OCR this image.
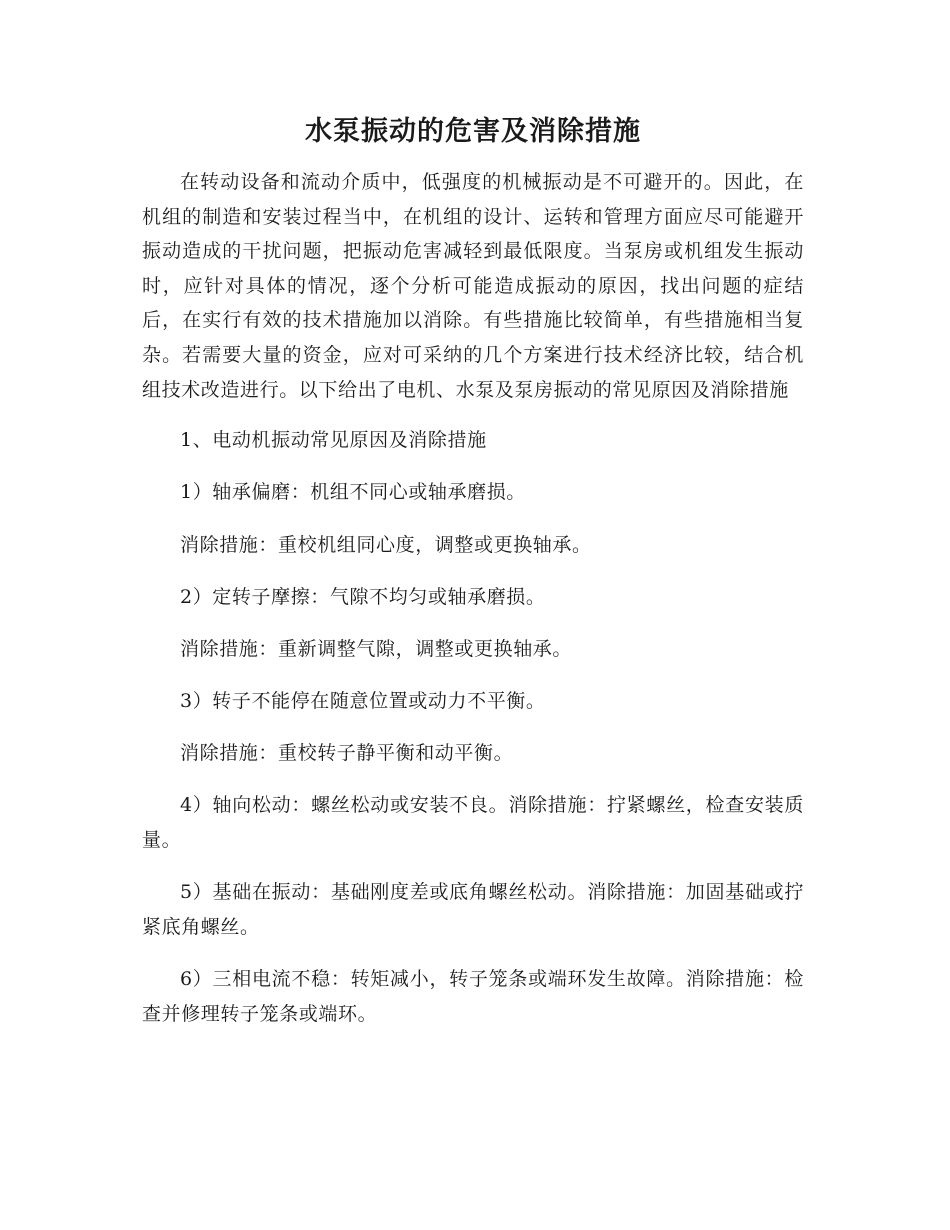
水泵振动的危害及消除措施

在转动设备和流动介质中，低强度的机械振动是不可避开的。因此，在机组的制造和安装过程当中，在机组的设计、运转和管理方面应尽可能避开振动造成的干扰问题，把振动危害减轻到最低限度。当泵房或机组发生振动时，应针对具体的情况，逐个分析可能造成振动的原因，找出问题的症结后，在实行有效的技术措施加以消除。有些措施比较简单，有些措施相当复杂。若需要大量的资金，应对可采纳的几个方案进行技术经济比较，结合机组技术改造进行。以下给出了电机、水泵及泵房振动的常见原因及消除措施

1、电动机振动常见原因及消除措施

1）轴承偏磨：机组不同心或轴承磨损。

消除措施：重校机组同心度，调整或更换轴承。

2）定转子摩擦：气隙不均匀或轴承磨损。

消除措施：重新调整气隙，调整或更换轴承。

3）转子不能停在随意位置或动力不平衡。

消除措施：重校转子静平衡和动平衡。

4）轴向松动：螺丝松动或安装不良。消除措施：拧紧螺丝，检查安装质量。

5）基础在振动：基础刚度差或底角螺丝松动。消除措施：加固基础或拧紧底角螺丝。

6）三相电流不稳：转矩减小，转子笼条或端环发生故障。消除措施：检查并修理转子笼条或端环。
